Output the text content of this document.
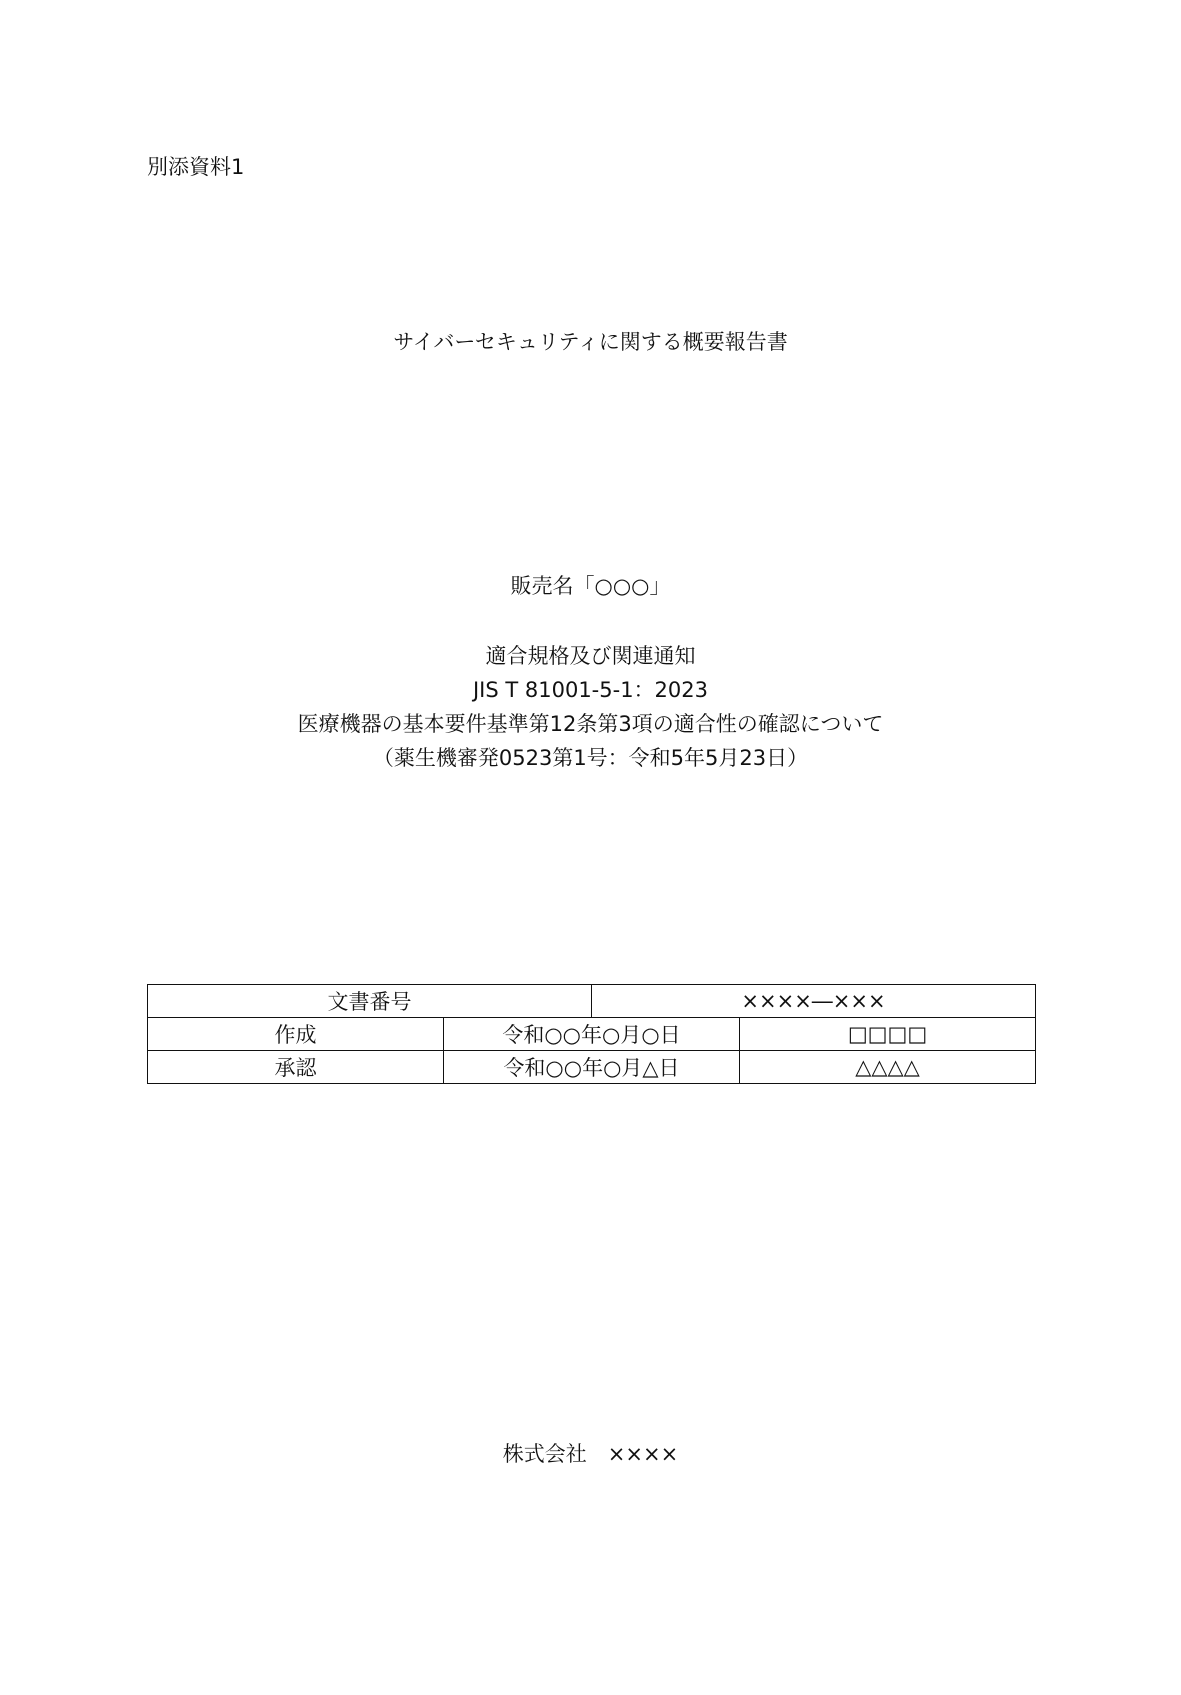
別添資料1
サイバーセキュリティに関する概要報告書
販売名「○○○」
適合規格及び関連通知
JIS T 81001-5-1：2023
医療機器の基本要件基準第12条第3項の適合性の確認について
（薬生機審発0523第1号：令和5年5月23日）
文書番号		××××―×××	
作成	令和○○年○月○日		□□□□
承認	令和○○年○月△日		△△△△
株式会社　××××
